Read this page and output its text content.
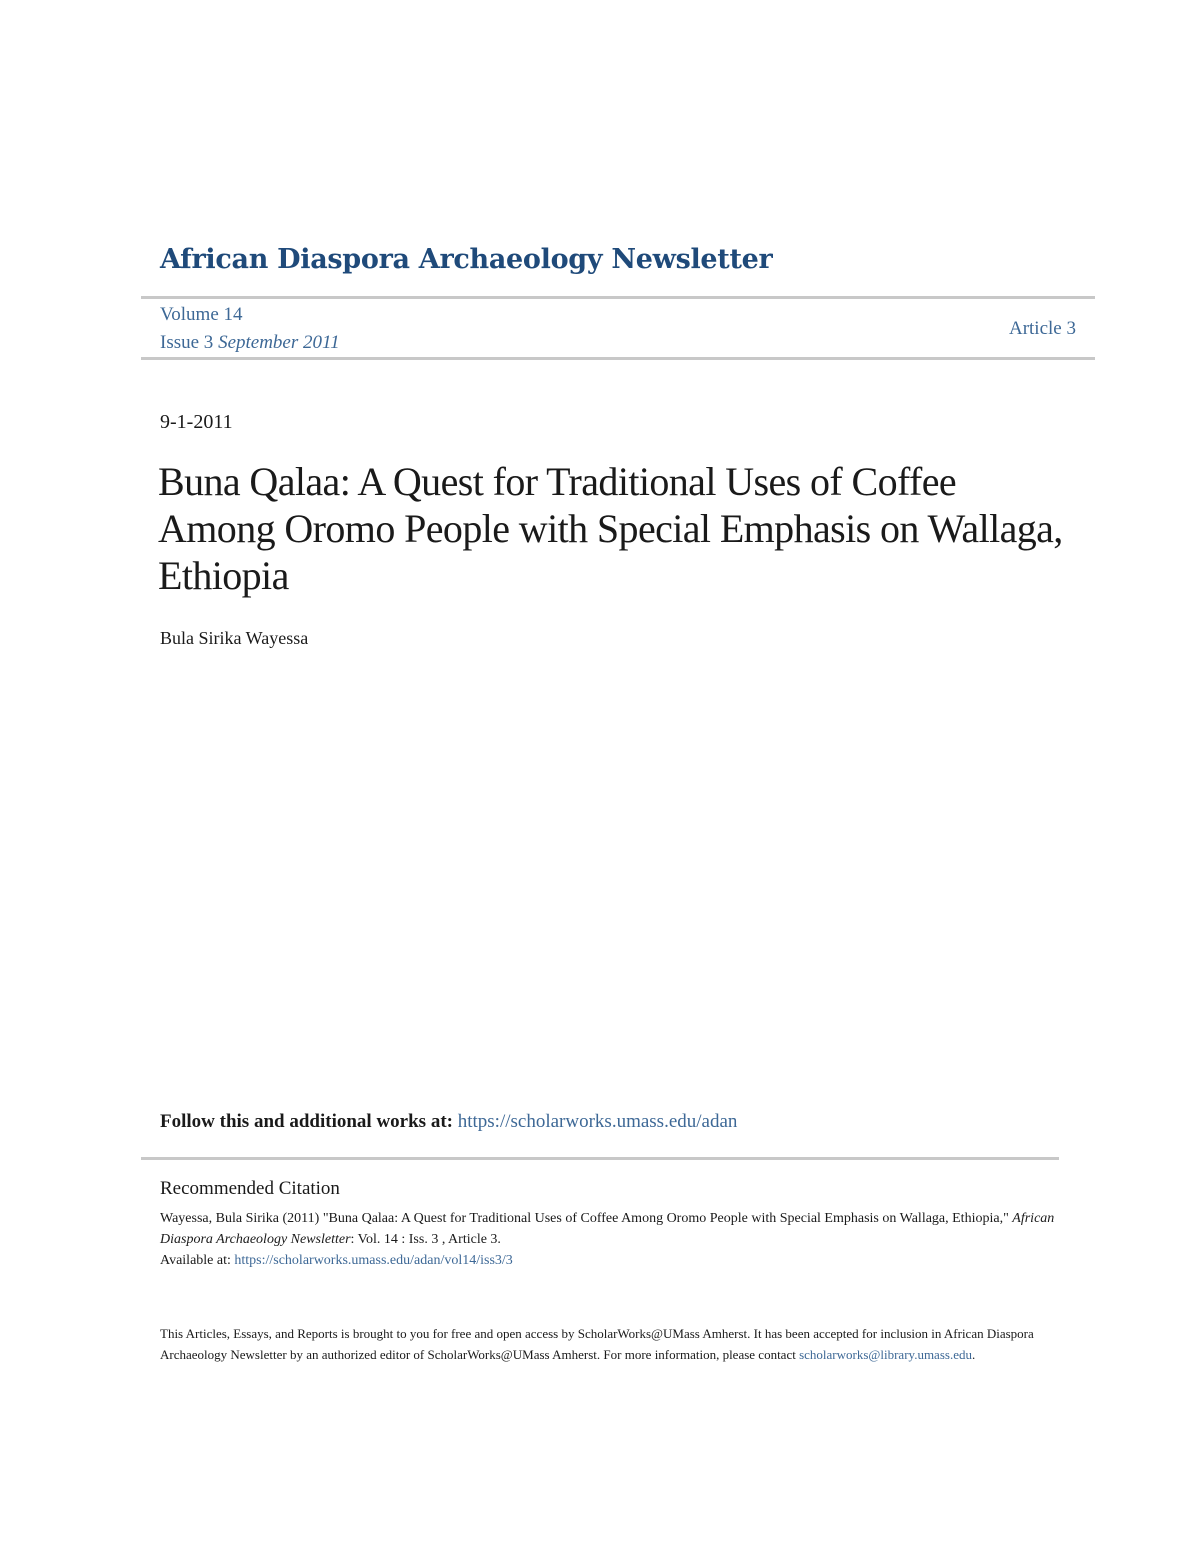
African Diaspora Archaeology Newsletter
Volume 14
Issue 3 September 2011
Article 3
9-1-2011
Buna Qalaa: A Quest for Traditional Uses of Coffee Among Oromo People with Special Emphasis on Wallaga, Ethiopia
Bula Sirika Wayessa
Follow this and additional works at: https://scholarworks.umass.edu/adan
Recommended Citation
Wayessa, Bula Sirika (2011) "Buna Qalaa: A Quest for Traditional Uses of Coffee Among Oromo People with Special Emphasis on Wallaga, Ethiopia," African Diaspora Archaeology Newsletter: Vol. 14 : Iss. 3 , Article 3.
Available at: https://scholarworks.umass.edu/adan/vol14/iss3/3
This Articles, Essays, and Reports is brought to you for free and open access by ScholarWorks@UMass Amherst. It has been accepted for inclusion in African Diaspora Archaeology Newsletter by an authorized editor of ScholarWorks@UMass Amherst. For more information, please contact scholarworks@library.umass.edu.
